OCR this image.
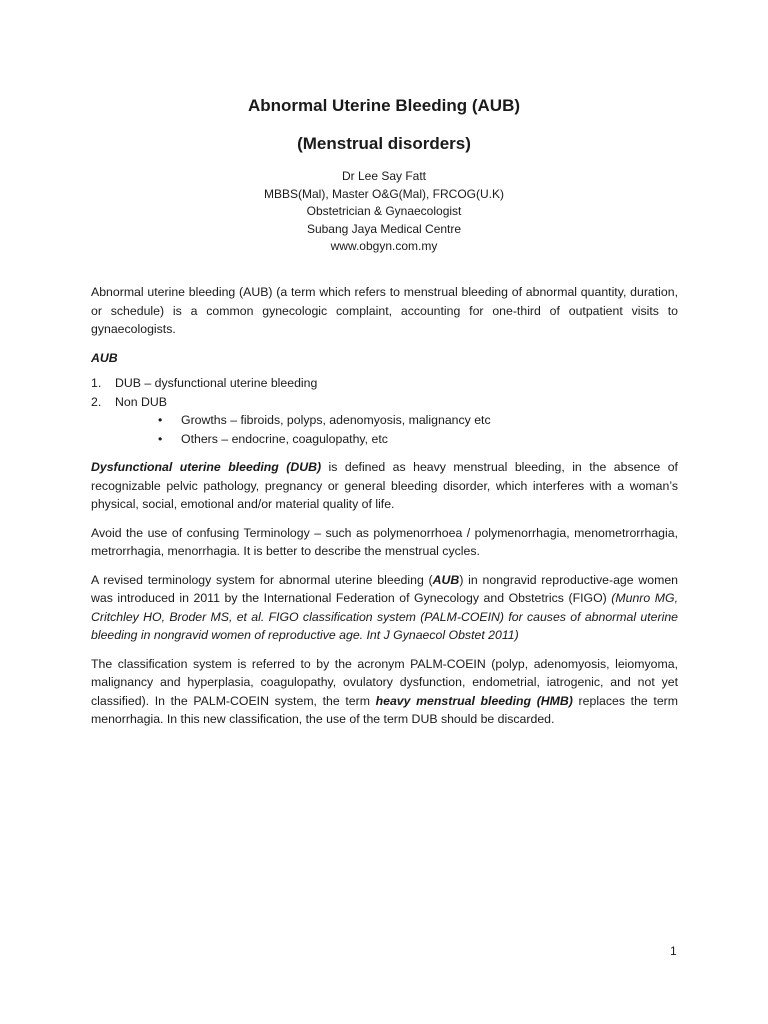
Abnormal Uterine Bleeding (AUB)
(Menstrual disorders)
Dr Lee Say Fatt
MBBS(Mal), Master O&G(Mal), FRCOG(U.K)
Obstetrician & Gynaecologist
Subang Jaya Medical Centre
www.obgyn.com.my

Abnormal uterine bleeding (AUB) (a term which refers to menstrual bleeding of abnormal quantity, duration, or schedule) is a common gynecologic complaint, accounting for one-third of outpatient visits to gynaecologists.

AUB
1. DUB – dysfunctional uterine bleeding
2. Non DUB
• Growths – fibroids, polyps, adenomyosis, malignancy etc
• Others – endocrine, coagulopathy, etc

Dysfunctional uterine bleeding (DUB) is defined as heavy menstrual bleeding, in the absence of recognizable pelvic pathology, pregnancy or general bleeding disorder, which interferes with a woman’s physical, social, emotional and/or material quality of life.

Avoid the use of confusing Terminology – such as polymenorrhoea / polymenorrhagia, menometrorrhagia, metrorrhagia, menorrhagia. It is better to describe the menstrual cycles.

A revised terminology system for abnormal uterine bleeding (AUB) in nongravid reproductive-age women was introduced in 2011 by the International Federation of Gynecology and Obstetrics (FIGO) (Munro MG, Critchley HO, Broder MS, et al. FIGO classification system (PALM-COEIN) for causes of abnormal uterine bleeding in nongravid women of reproductive age. Int J Gynaecol Obstet 2011)

The classification system is referred to by the acronym PALM-COEIN (polyp, adenomyosis, leiomyoma, malignancy and hyperplasia, coagulopathy, ovulatory dysfunction, endometrial, iatrogenic, and not yet classified). In the PALM-COEIN system, the term heavy menstrual bleeding (HMB) replaces the term menorrhagia. In this new classification, the use of the term DUB should be discarded.

1
